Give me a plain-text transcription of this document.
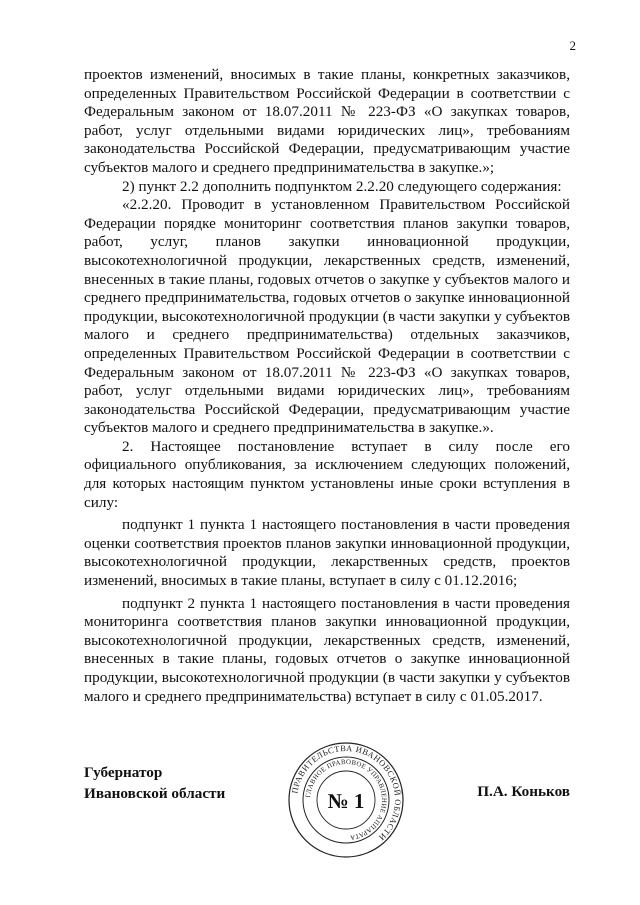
2

проектов изменений, вносимых в такие планы, конкретных заказчиков, определенных Правительством Российской Федерации в соответствии с Федеральным законом от 18.07.2011 № 223-ФЗ «О закупках товаров, работ, услуг отдельными видами юридических лиц», требованиям законодательства Российской Федерации, предусматривающим участие субъектов малого и среднего предпринимательства в закупке.»;

2) пункт 2.2 дополнить подпунктом 2.2.20 следующего содержания:

«2.2.20. Проводит в установленном Правительством Российской Федерации порядке мониторинг соответствия планов закупки товаров, работ, услуг, планов закупки инновационной продукции, высокотехнологичной продукции, лекарственных средств, изменений, внесенных в такие планы, годовых отчетов о закупке у субъектов малого и среднего предпринимательства, годовых отчетов о закупке инновационной продукции, высокотехнологичной продукции (в части закупки у субъектов малого и среднего предпринимательства) отдельных заказчиков, определенных Правительством Российской Федерации в соответствии с Федеральным законом от 18.07.2011 № 223-ФЗ «О закупках товаров, работ, услуг отдельными видами юридических лиц», требованиям законодательства Российской Федерации, предусматривающим участие субъектов малого и среднего предпринимательства в закупке.».

2. Настоящее постановление вступает в силу после его официального опубликования, за исключением следующих положений, для которых настоящим пунктом установлены иные сроки вступления в силу:

подпункт 1 пункта 1 настоящего постановления в части проведения оценки соответствия проектов планов закупки инновационной продукции, высокотехнологичной продукции, лекарственных средств, проектов изменений, вносимых в такие планы, вступает в силу с 01.12.2016;

подпункт 2 пункта 1 настоящего постановления в части проведения мониторинга соответствия планов закупки инновационной продукции, высокотехнологичной продукции, лекарственных средств, изменений, внесенных в такие планы, годовых отчетов о закупке инновационной продукции, высокотехнологичной продукции (в части закупки у субъектов малого и среднего предпринимательства) вступает в силу с 01.05.2017.

Губернатор
Ивановской области	П.А. Коньков
ПРАВИТЕЛЬСТВА ИВАНОВСКОЙ ОБЛАСТИ
ГЛАВНОЕ ПРАВОВОЕ УПРАВЛЕНИЕ АППАРАТА
№ 1
